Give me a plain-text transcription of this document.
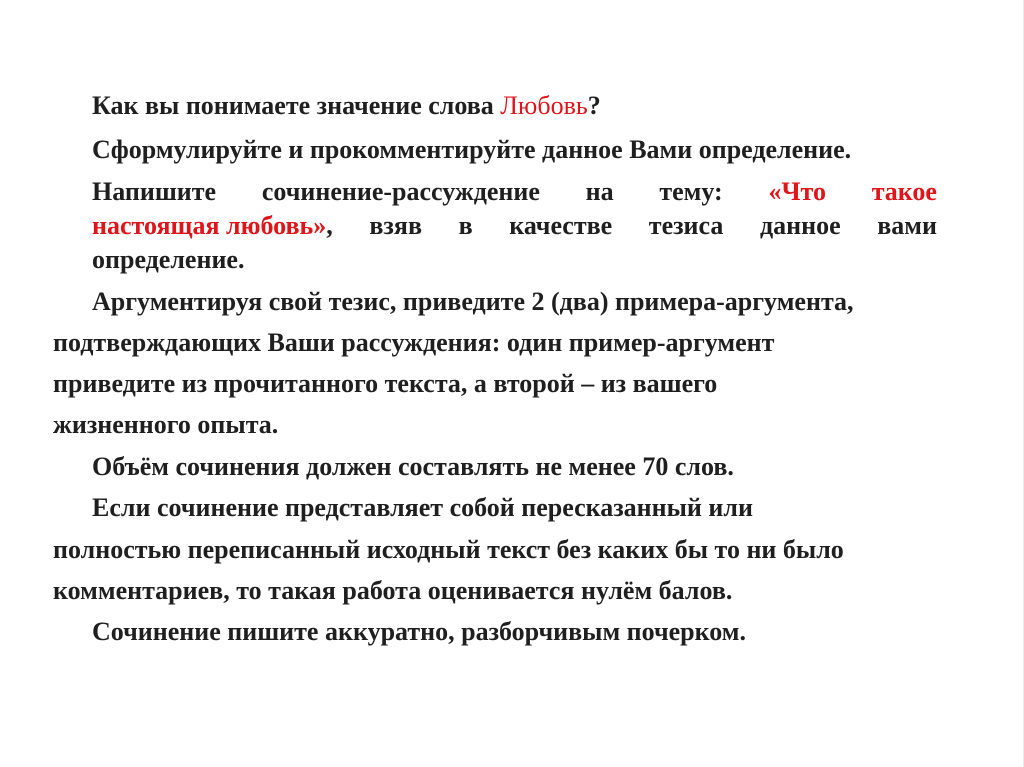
Как вы понимаете значение слова Любовь?

Сформулируйте и прокомментируйте данное Вами определение.

Напишите сочинение-рассуждение на тему: «Что такое
настоящая любовь», взяв в качестве тезиса данное вами

определение.

Аргументируя свой тезис, приведите 2 (два) примера-аргумента,

подтверждающих Ваши рассуждения: один пример-аргумент

приведите из прочитанного текста, а второй – из вашего

жизненного опыта.

Объём сочинения должен составлять не менее 70 слов.

Если сочинение представляет собой пересказанный или

полностью переписанный исходный текст без каких бы то ни было

комментариев, то такая работа оценивается нулём балов.

Сочинение пишите аккуратно, разборчивым почерком.
